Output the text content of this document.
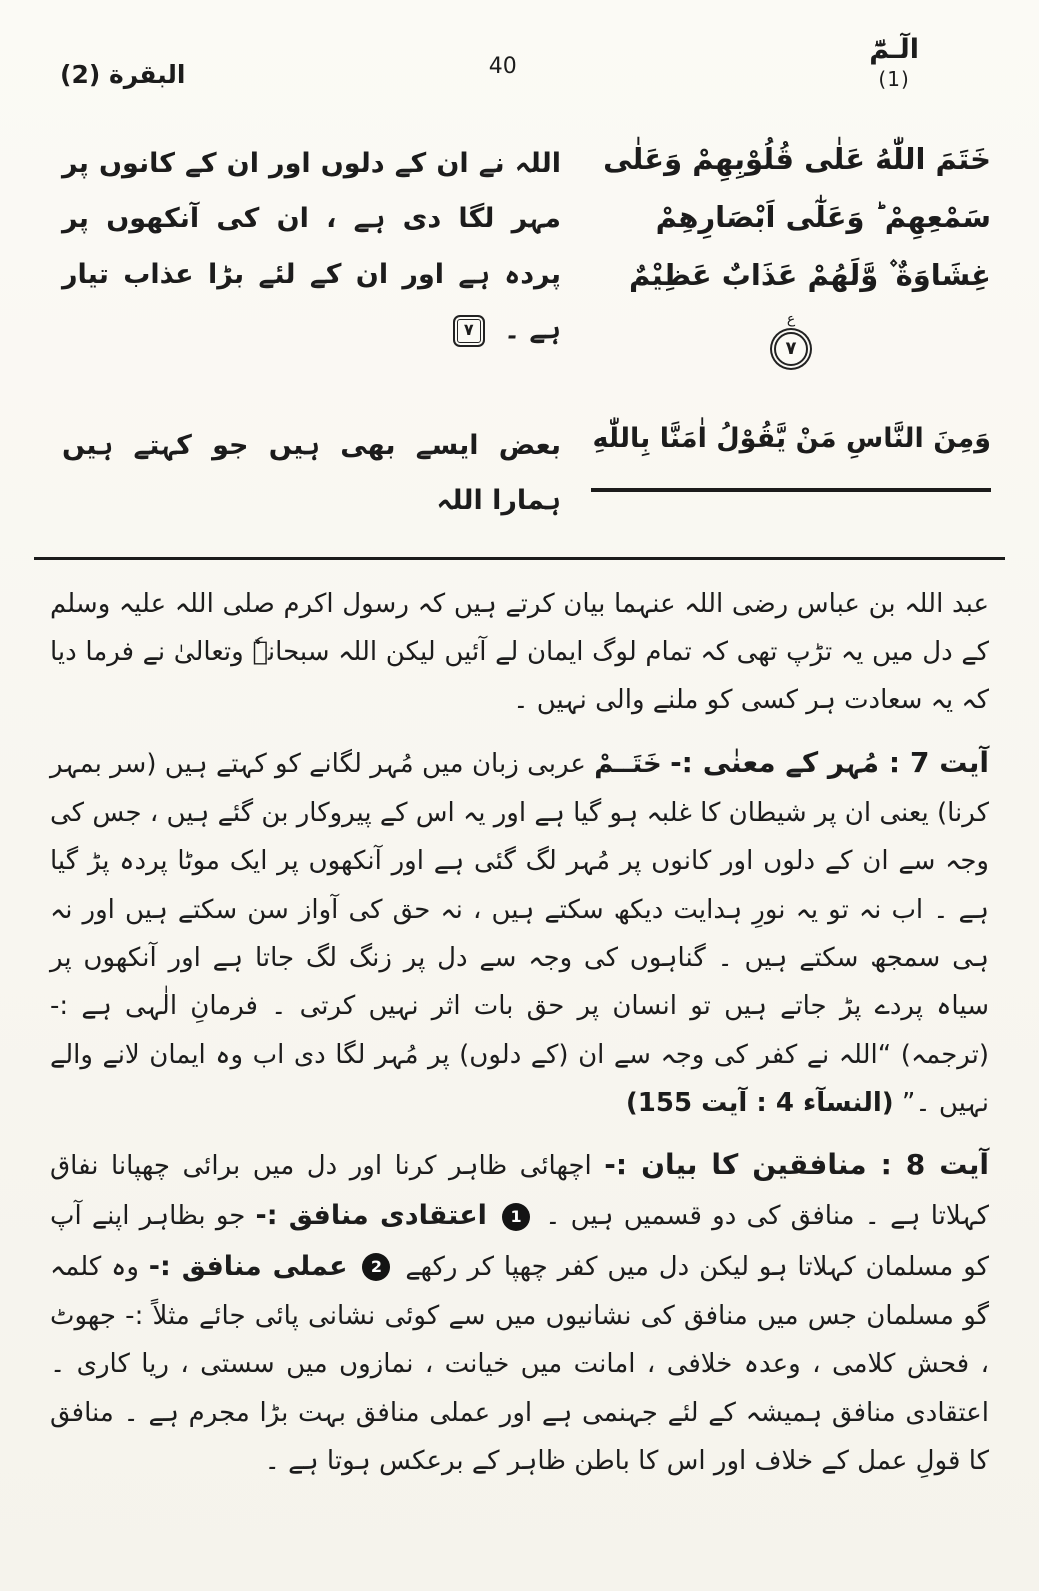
الٓـمّٓ
(1)
40
البقرة (2)
خَتَمَ اللّٰهُ عَلٰى قُلُوْبِهِمْ وَعَلٰى
سَمْعِهِمْ ؕ وَعَلٰٓى اَبْصَارِهِمْ
غِشَاوَةٌ ۫ وَّلَهُمْ عَذَابٌ عَظِيْمٌ
ع
٧
اللہ نے ان کے دلوں اور ان کے کانوں پر مہر لگا دی ہے ، ان کی آنکھوں پر پردہ ہے اور ان کے لئے بڑا عذاب تیار ہے ۔ ٧
وَمِنَ النَّاسِ مَنْ يَّقُوْلُ اٰمَنَّا بِاللّٰهِ
بعض ایسے بھی ہیں جو کہتے ہیں ہمارا اللہ

عبد اللہ بن عباس رضی اللہ عنہما بیان کرتے ہیں کہ رسول اکرم صلی اللہ علیہ وسلم کے دل میں یہ تڑپ تھی کہ تمام لوگ ایمان لے آئیں لیکن اللہ سبحانہٗ وتعالیٰ نے فرما دیا کہ یہ سعادت ہر کسی کو ملنے والی نہیں ۔

آیت 7 : مُہر کے معنٰی :- خَتَــمْ عربی زبان میں مُہر لگانے کو کہتے ہیں (سر بمہر کرنا) یعنی ان پر شیطان کا غلبہ ہو گیا ہے اور یہ اس کے پیروکار بن گئے ہیں ، جس کی وجہ سے ان کے دلوں اور کانوں پر مُہر لگ گئی ہے اور آنکھوں پر ایک موٹا پردہ پڑ گیا ہے ۔ اب نہ تو یہ نورِ ہدایت دیکھ سکتے ہیں ، نہ حق کی آواز سن سکتے ہیں اور نہ ہی سمجھ سکتے ہیں ۔ گناہوں کی وجہ سے دل پر زنگ لگ جاتا ہے اور آنکھوں پر سیاہ پردے پڑ جاتے ہیں تو انسان پر حق بات اثر نہیں کرتی ۔ فرمانِ الٰہی ہے :- (ترجمہ) “اللہ نے کفر کی وجہ سے ان (کے دلوں) پر مُہر لگا دی اب وہ ایمان لانے والے نہیں ۔” (النسآء 4 : آیت 155)

آیت 8 : منافقین کا بیان :- اچھائی ظاہر کرنا اور دل میں برائی چھپانا نفاق کہلاتا ہے ۔ منافق کی دو قسمیں ہیں ۔ 1 اعتقادی منافق :- جو بظاہر اپنے آپ کو مسلمان کہلاتا ہو لیکن دل میں کفر چھپا کر رکھے 2 عملی منافق :- وہ کلمہ گو مسلمان جس میں منافق کی نشانیوں میں سے کوئی نشانی پائی جائے مثلاً :- جھوٹ ، فحش کلامی ، وعدہ خلافی ، امانت میں خیانت ، نمازوں میں سستی ، ریا کاری ۔ اعتقادی منافق ہمیشہ کے لئے جہنمی ہے اور عملی منافق بہت بڑا مجرم ہے ۔ منافق کا قولِ عمل کے خلاف اور اس کا باطن ظاہر کے برعکس ہوتا ہے ۔
